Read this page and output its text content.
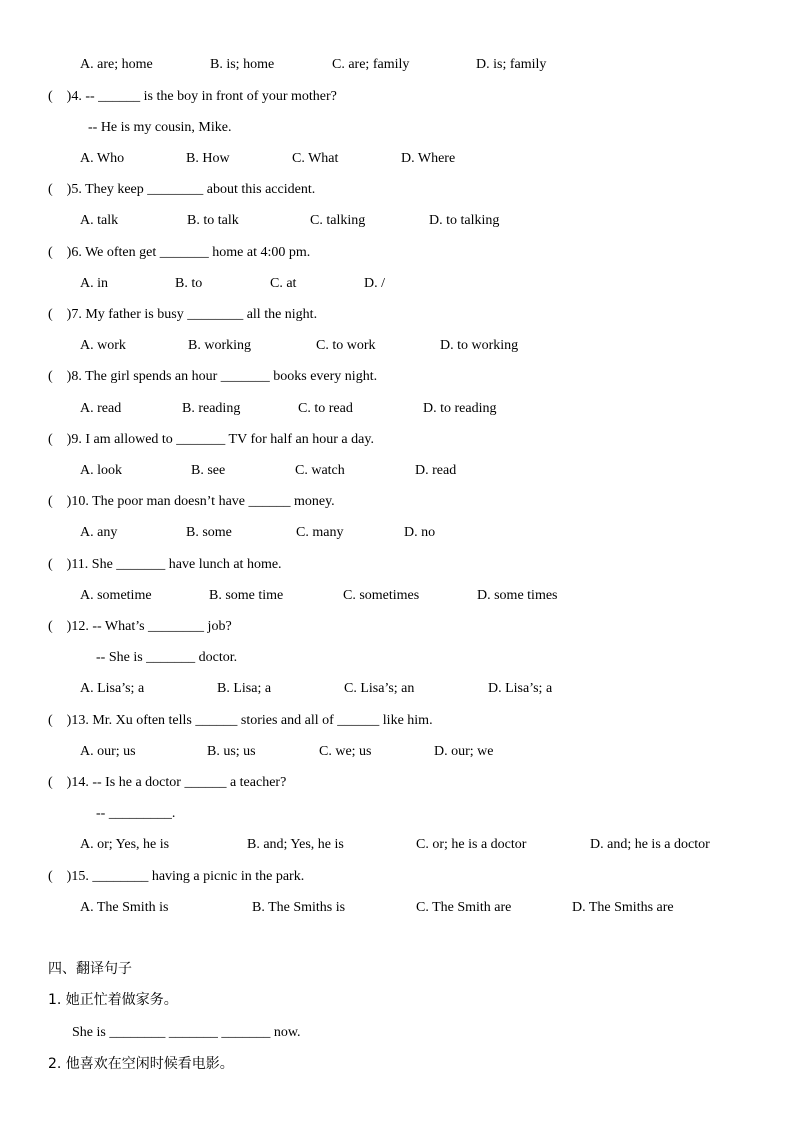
A. are; home	B. is; home	C. are; family	D. is; family
(    )4. -- ______ is the boy in front of your mother?
-- He is my cousin, Mike.
A. Who	B. How	C. What	D. Where
(    )5. They keep ________ about this accident.
A. talk	B. to talk	C. talking	D. to talking
(    )6. We often get _______ home at 4:00 pm.
A. in	B. to	C. at	D. /
(    )7. My father is busy ________ all the night.
A. work	B. working	C. to work	D. to working
(    )8. The girl spends an hour _______ books every night.
A. read	B. reading	C. to read	D. to reading
(    )9. I am allowed to _______ TV for half an hour a day.
A. look	B. see	C. watch	D. read
(    )10. The poor man doesn’t have ______ money.
A. any	B. some	C. many	D. no
(    )11. She _______ have lunch at home.
A. sometime	B. some time	C. sometimes	D. some times
(    )12. -- What’s ________ job?
-- She is _______ doctor.
A. Lisa’s; a	B. Lisa; a	C. Lisa’s; an	D. Lisa’s; a
(    )13. Mr. Xu often tells ______ stories and all of ______ like him.
A. our; us	B. us; us	C. we; us	D. our; we
(    )14. -- Is he a doctor ______ a teacher?
-- _________.
A. or; Yes, he is	B. and; Yes, he is	C. or; he is a doctor	D. and; he is a doctor
(    )15. ________ having a picnic in the park.
A. The Smith is	B. The Smiths is	C. The Smith are	D. The Smiths are
四、翻译句子
1. 她正忙着做家务。
She is ________ _______ _______ now.
2. 他喜欢在空闲时候看电影。
